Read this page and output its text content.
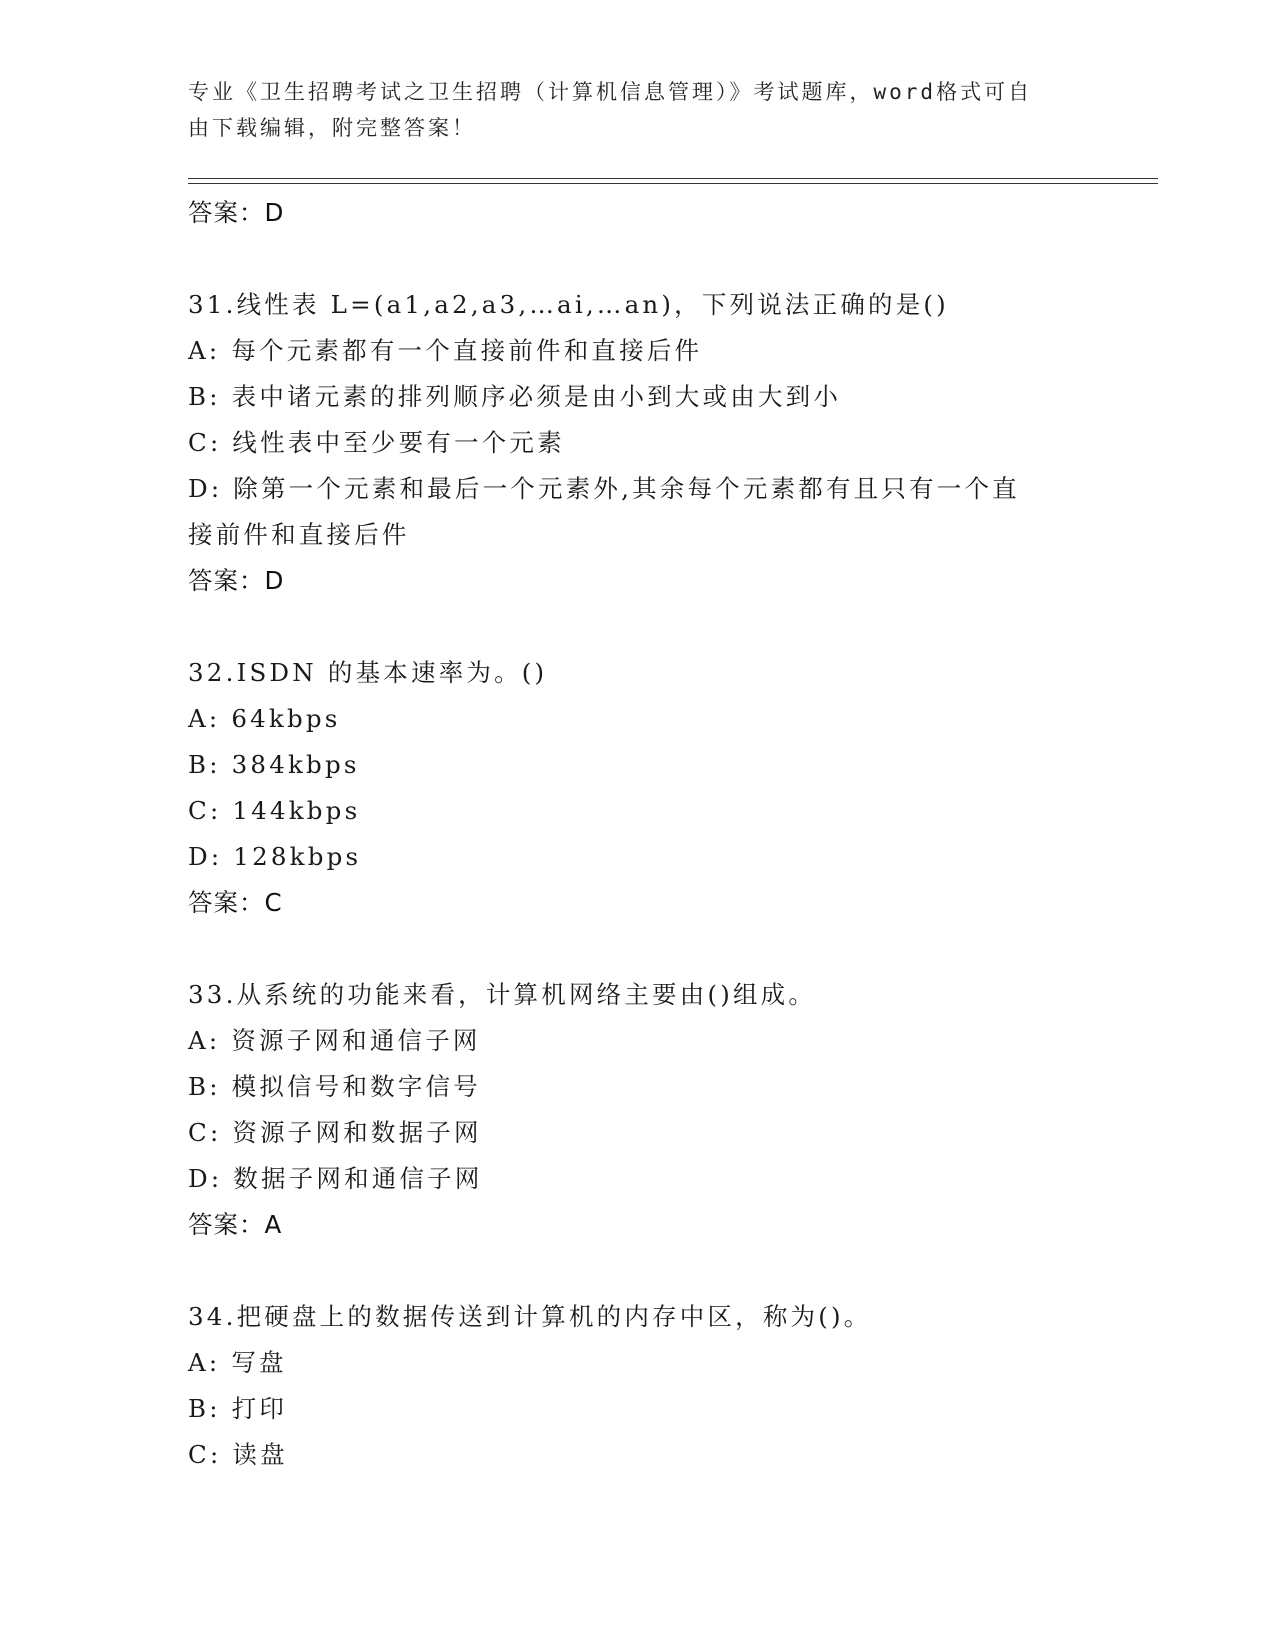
专业《卫生招聘考试之卫生招聘（计算机信息管理）》考试题库，word格式可自
由下载编辑，附完整答案！
答案：D
31.线性表 L=(a1,a2,a3,…ai,…an)，下列说法正确的是()
A: 每个元素都有一个直接前件和直接后件
B: 表中诸元素的排列顺序必须是由小到大或由大到小
C: 线性表中至少要有一个元素
D: 除第一个元素和最后一个元素外,其余每个元素都有且只有一个直
接前件和直接后件
答案：D
32.ISDN 的基本速率为。()
A: 64kbps
B: 384kbps
C: 144kbps
D: 128kbps
答案：C
33.从系统的功能来看，计算机网络主要由()组成。
A: 资源子网和通信子网
B: 模拟信号和数字信号
C: 资源子网和数据子网
D: 数据子网和通信子网
答案：A
34.把硬盘上的数据传送到计算机的内存中区，称为()。
A: 写盘
B: 打印
C: 读盘
